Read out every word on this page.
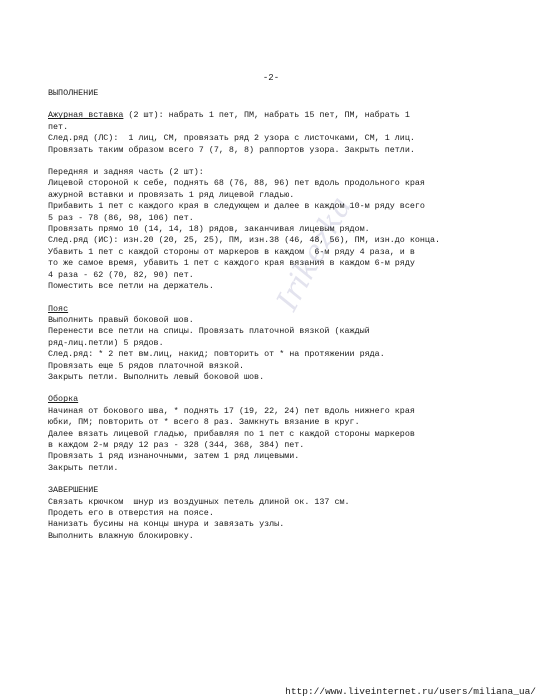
-2-
Irikezka
ВЫПОЛНЕНИЕ
Ажурная вставка (2 шт): набрать 1 пет, ПМ, набрать 15 пет, ПМ, набрать 1
пет.
След.ряд (ЛС):  1 лиц, СМ, провязать ряд 2 узора с листочками, СМ, 1 лиц.
Провязать таким образом всего 7 (7, 8, 8) раппортов узора. Закрыть петли.
Передняя и задняя часть (2 шт):
Лицевой стороной к себе, поднять 68 (76, 88, 96) пет вдоль продольного края
ажурной вставки и провязать 1 ряд лицевой гладью.
Прибавить 1 пет с каждого края в следующем и далее в каждом 10-м ряду всего
5 раз - 78 (86, 98, 106) пет.
Провязать прямо 10 (14, 14, 18) рядов, заканчивая лицевым рядом.
След.ряд (ИС): изн.20 (20, 25, 25), ПМ, изн.38 (46, 48, 56), ПМ, изн.до конца.
Убавить 1 пет с каждой стороны от маркеров в каждом  6-м ряду 4 раза, и в
то же самое время, убавить 1 пет с каждого края вязания в каждом 6-м ряду
4 раза - 62 (70, 82, 90) пет.
Поместить все петли на держатель.
Пояс
Выполнить правый боковой шов.
Перенести все петли на спицы. Провязать платочной вязкой (каждый
ряд-лиц.петли) 5 рядов.
След.ряд: * 2 пет вм.лиц, накид; повторить от * на протяжении ряда.
Провязать еще 5 рядов платочной вязкой.
Закрыть петли. Выполнить левый боковой шов.
Оборка
Начиная от бокового шва, * поднять 17 (19, 22, 24) пет вдоль нижнего края
юбки, ПМ; повторить от * всего 8 раз. Замкнуть вязание в круг.
Далее вязать лицевой гладью, прибавляя по 1 пет с каждой стороны маркеров
в каждом 2-м ряду 12 раз - 328 (344, 368, 384) пет.
Провязать 1 ряд изнаночными, затем 1 ряд лицевыми.
Закрыть петли.
ЗАВЕРШЕНИЕ
Связать крючком  шнур из воздушных петель длиной ок. 137 см.
Продеть его в отверстия на поясе.
Нанизать бусины на концы шнура и завязать узлы.
Выполнить влажную блокировку.
http://www.liveinternet.ru/users/miliana_ua/
